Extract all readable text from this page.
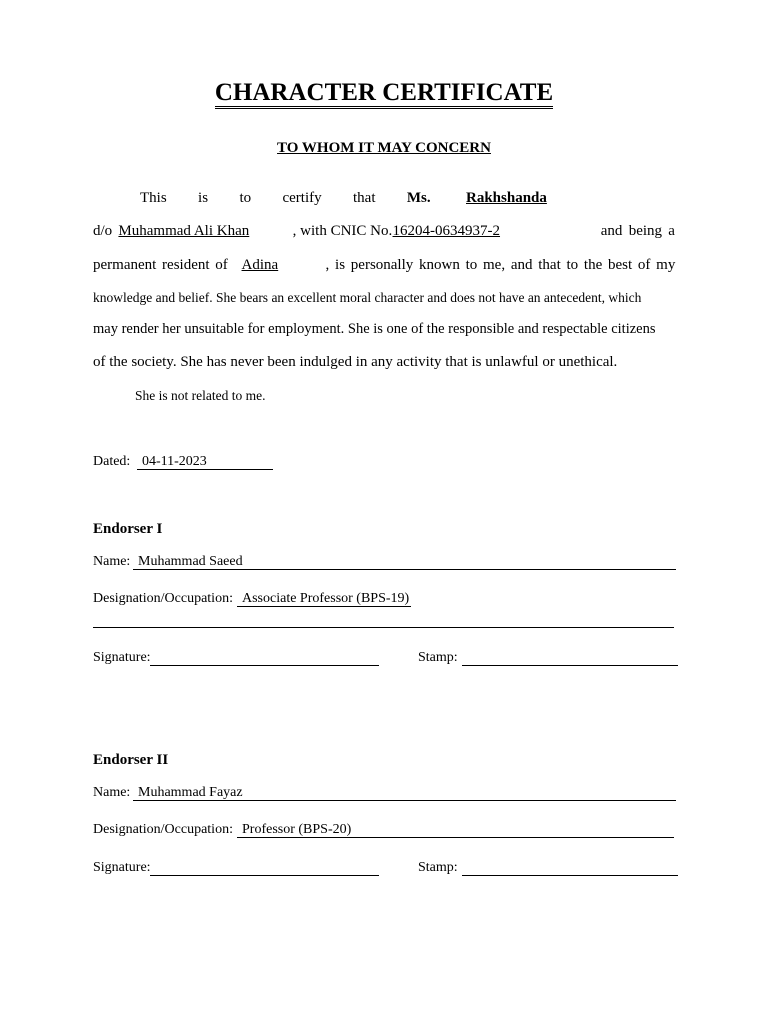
CHARACTER CERTIFICATE
TO WHOM IT MAY CONCERN
This is to certify that Ms. Rakhshanda
d/o Muhammad Ali Khan	, with CNIC No. 16204-0634937-2	and being a
permanent resident of Adina	, is personally known to me, and that to the best of my
knowledge and belief. She bears an excellent moral character and does not have an antecedent, which
may render her unsuitable for employment. She is one of the responsible and respectable citizens
of the society. She has never been indulged in any activity that is unlawful or unethical.
She is not related to me.
Dated: 04-11-2023
Endorser I
Name: Muhammad Saeed
Designation/Occupation: Associate Professor (BPS-19)
Signature:	Stamp:
Endorser II
Name: Muhammad Fayaz
Designation/Occupation: Professor (BPS-20)
Signature:	Stamp:
